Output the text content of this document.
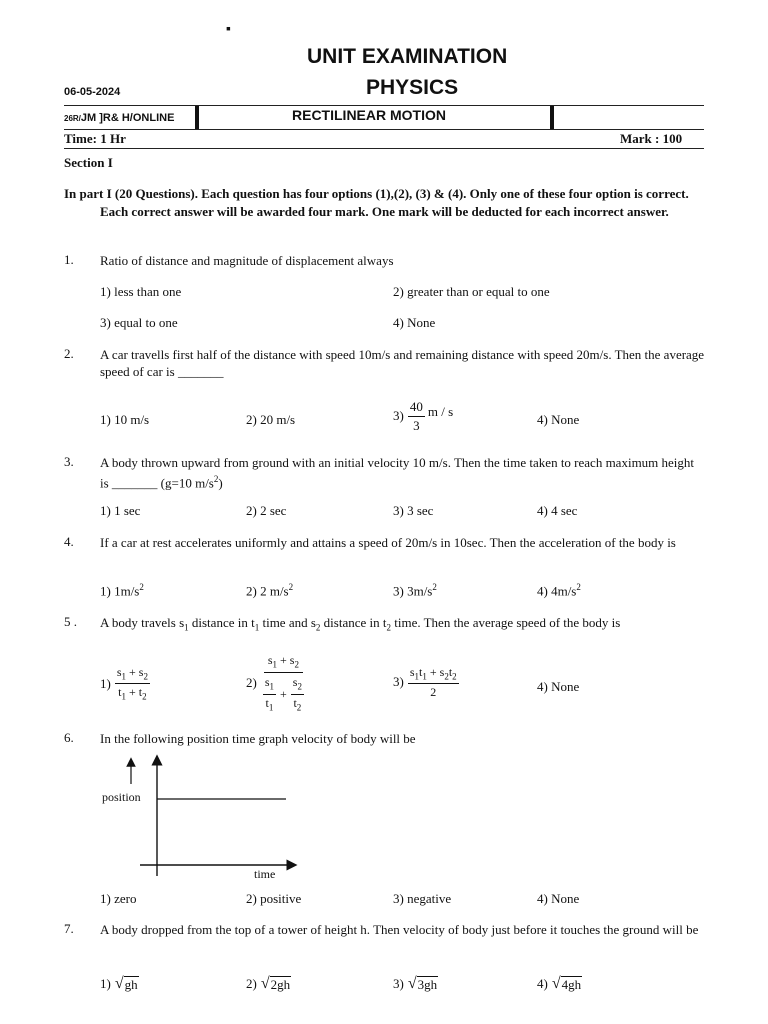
▪
UNIT EXAMINATION
PHYSICS
06-05-2024
26R/JM ]R& H/ONLINE	RECTILINEAR MOTION
Time: 1 Hr	Mark : 100
Section I
In part I (20 Questions). Each question has four options (1),(2), (3) & (4). Only one of these four option is correct. Each correct answer will be awarded four mark. One mark will be deducted for each incorrect answer.
1. Ratio of distance and magnitude of displacement always
1) less than one	2) greater than or equal to one
3) equal to one	4) None
2. A car travells first half of the distance with speed 10m/s and remaining distance with speed 20m/s. Then the average speed of car is _______
1) 10 m/s	2) 20 m/s	$3) \frac{40}{3}$ m / s
4) None
3. A body thrown upward from ground with an initial velocity 10 m/s. Then the time taken to reach maximum height is _______ (g=10 $m/s^2$)
1) 1 sec	2) 2 sec	3) 3 sec	4) 4 sec
4. If a car at rest accelerates uniformly and attains a speed of 20m/s in 10sec. Then the acceleration of the body is
1) $1m/s^2$	2) 2 $m/s^2$	3) $3m/s^2$	4) $4m/s^2$
5 . A body travels $s_1$ distance in $t_1$ time and $s_2$ distance in $t_2$ time. Then the average speed of the body is
$1) \frac{s_1 + s_2}{t_1 + t_2}$	$2) \frac{s_1 + s_2}{\frac{s_1}{t_1} + \frac{s_2}{t_2}}$	$3) \frac{s_1t_1 + s_2t_2}{2}$	4) None
6. In the following position time graph velocity of body will be
position
time
1) zero	2) positive	3) negative	4) None
7. A body dropped from the top of a tower of height h. Then velocity of body just before it touches the ground will be
1) √ gh	2) √ 2gh	3) √ 3gh	4) √ 4gh
